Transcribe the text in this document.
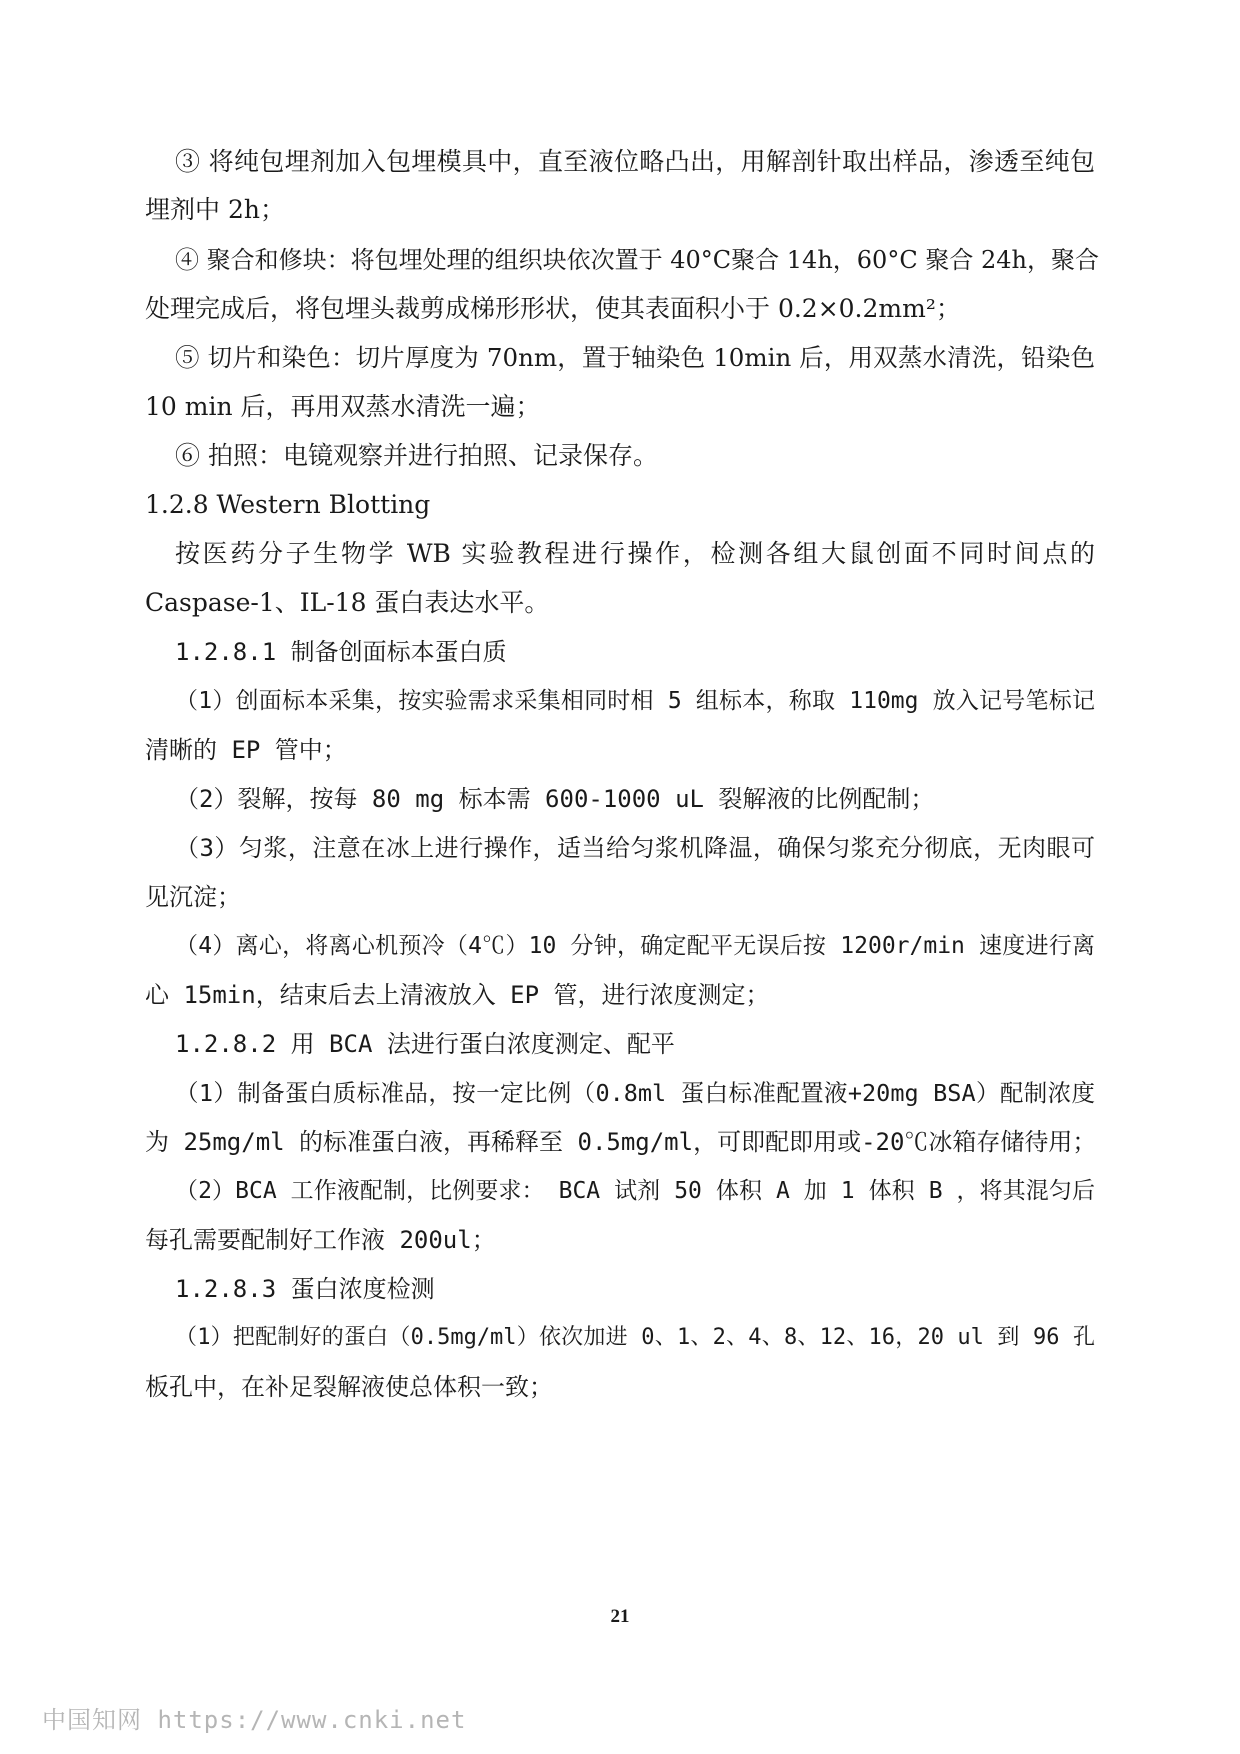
③ 将纯包埋剂加入包埋模具中，直至液位略凸出，用解剖针取出样品，渗透至纯包
埋剂中 2h；
④ 聚合和修块：将包埋处理的组织块依次置于 40°C聚合 14h，60°C 聚合 24h，聚合
处理完成后，将包埋头裁剪成梯形形状，使其表面积小于 0.2×0.2mm²；
⑤ 切片和染色：切片厚度为 70nm，置于轴染色 10min 后，用双蒸水清洗，铅染色
10 min 后，再用双蒸水清洗一遍；
⑥ 拍照：电镜观察并进行拍照、记录保存。
1.2.8 Western Blotting
按医药分子生物学 WB 实验教程进行操作，检测各组大鼠创面不同时间点的
Caspase-1、IL-18 蛋白表达水平。
1.2.8.1 制备创面标本蛋白质
（1）创面标本采集，按实验需求采集相同时相 5 组标本，称取 110mg 放入记号笔标记
清晰的 EP 管中；
（2）裂解，按每 80 mg 标本需 600-1000 uL 裂解液的比例配制；
（3）匀浆，注意在冰上进行操作，适当给匀浆机降温，确保匀浆充分彻底，无肉眼可
见沉淀；
（4）离心，将离心机预冷（4℃）10 分钟，确定配平无误后按 1200r/min 速度进行离
心 15min，结束后去上清液放入 EP 管，进行浓度测定；
1.2.8.2 用 BCA 法进行蛋白浓度测定、配平
（1）制备蛋白质标准品，按一定比例（0.8ml 蛋白标准配置液+20mg BSA）配制浓度
为 25mg/ml 的标准蛋白液，再稀释至 0.5mg/ml，可即配即用或-20℃冰箱存储待用；
（2）BCA 工作液配制，比例要求： BCA 试剂 50 体积 A 加 1 体积 B ，将其混匀后
每孔需要配制好工作液 200ul；
1.2.8.3 蛋白浓度检测
（1）把配制好的蛋白（0.5mg/ml）依次加进 0、1、2、4、8、12、16，20 ul 到 96 孔
板孔中，在补足裂解液使总体积一致；
21
中国知网 https://www.cnki.net
